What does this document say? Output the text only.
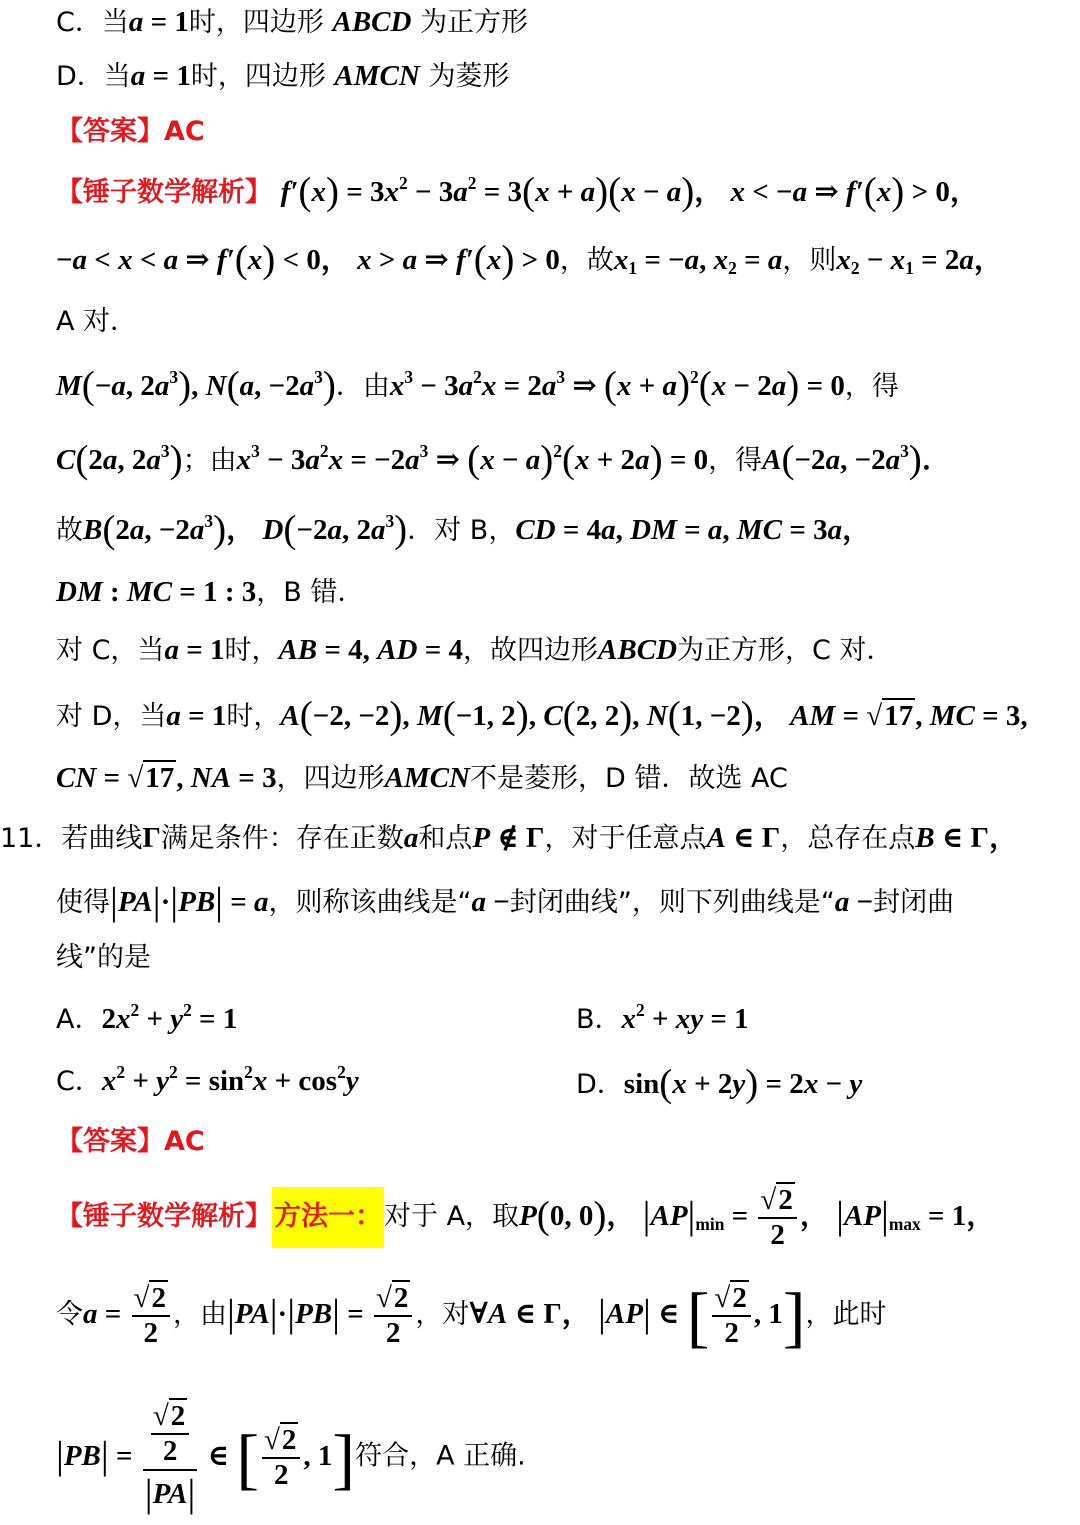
C．当a = 1时，四边形 ABCD 为正方形
D．当a = 1时，四边形 AMCN 为菱形
【答案】AC
【锤子数学解析】 $f'(x) = 3x^2 - 3a^2 = 3(x + a)(x - a)$， x < −a ⇒ f′(x) > 0，
−a < x < a ⇒ f′(x) < 0， x > a ⇒ f′(x) > 0，故$x_1 = -a$, $x_2 = a$，则$x_2 - x_1 = 2a$，
A 对．
M(−a, $2a^3$), N(a, $-2a^3$)．由$x^3 - 3a^2x = 2a^3$ ⇒ $(x + a)^2(x - 2a) = 0$，得
C(2a, $2a^3$)；由$x^3 - 3a^2x = -2a^3$ ⇒ $(x - a)^2(x + 2a) = 0$，得A(−2a, $-2a^3$)．
故B(2a, $-2a^3$)， D(−2a, $2a^3$)．对 B，CD = 4a, DM = a, MC = 3a，
DM : MC = 1 : 3，B 错．
对 C，当a = 1时，AB = 4, AD = 4，故四边形ABCD为正方形，C 对．
对 D，当a = 1时，A(−2, −2), M(−1, 2), C(2, 2), N(1, −2)， AM = √17, MC = 3,
CN = √17, NA = 3，四边形AMCN不是菱形，D 错．故选 AC
11．若曲线Γ满足条件：存在正数a和点P ∉ Γ，对于任意点A ∈ Γ，总存在点B ∈ Γ，
使得|PA|·|PB| = a，则称该曲线是“a −封闭曲线”，则下列曲线是“a −封闭曲
线”的是
A．$2x^2 + y^2 = 1$	B．$x^2$ + xy = 1
C．$x^2 + y^2 = \sin^2x + \cos^2y$	D．sin(x + 2y) = 2x − y
【答案】AC
【锤子数学解析】方法一：对于 A，取P(0, 0)， $|AP|_{min} = \frac{√2}{2}$ ， $|AP|_{max} = 1$，
令$a = \frac{√2}{2}$ ，由$|PA|\cdot|PB| = \frac{√2}{2}$ ，对∀A ∈ Γ， |AP| ∈ [ $\frac{√2}{2}$ , 1]，此时
$|PB| = \frac{\frac{√2}{2}}{|PA|}$ ∈ [ $\frac{√2}{2}$ , 1]符合，A 正确.
